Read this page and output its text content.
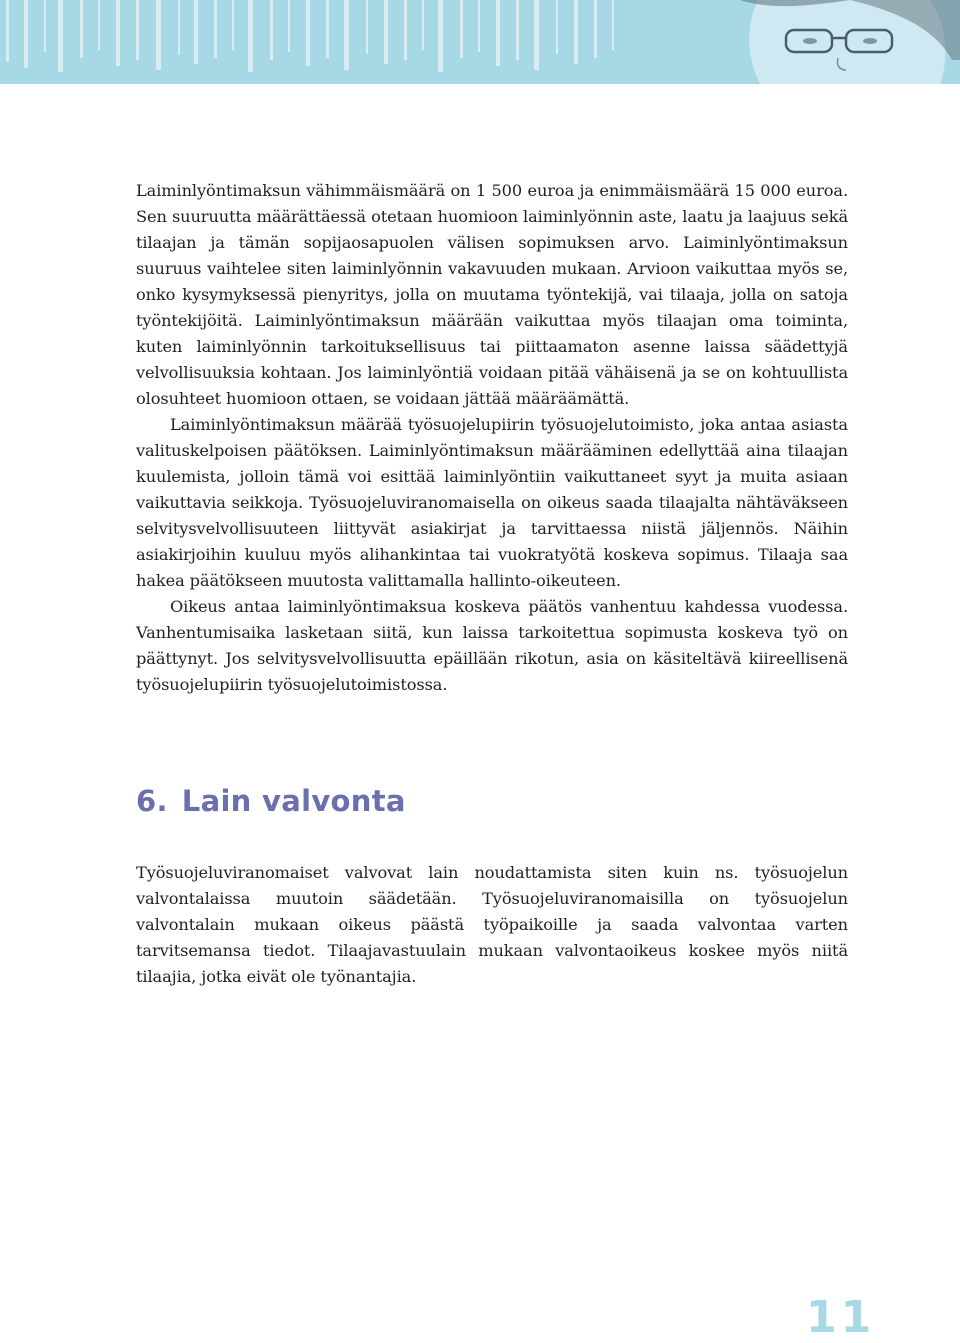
Laiminlyöntimaksun vähimmäismäärä on 1 500 euroa ja enimmäismäärä 15 000 euroa. Sen suuruutta määrättäessä otetaan huomioon laiminlyönnin aste, laatu ja laajuus sekä tilaajan ja tämän sopijaosapuolen välisen sopimuksen arvo. Laiminlyöntimaksun suuruus vaihtelee siten laiminlyönnin vakavuuden mukaan. Arvioon vaikuttaa myös se, onko kysymyksessä pienyritys, jolla on muutama työntekijä, vai tilaaja, jolla on satoja työntekijöitä. Laiminlyöntimaksun määrään vaikuttaa myös tilaajan oma toiminta, kuten laiminlyönnin tarkoituksellisuus tai piittaamaton asenne laissa säädettyjä velvollisuuksia kohtaan. Jos laiminlyöntiä voidaan pitää vähäisenä ja se on kohtuullista olosuhteet huomioon ottaen, se voidaan jättää määräämättä.

Laiminlyöntimaksun määrää työsuojelupiirin työsuojelutoimisto, joka antaa asiasta valituskelpoisen päätöksen. Laiminlyöntimaksun määrääminen edellyttää aina tilaajan kuulemista, jolloin tämä voi esittää laiminlyöntiin vaikuttaneet syyt ja muita asiaan vaikuttavia seikkoja. Työsuojeluviranomaisella on oikeus saada tilaajalta nähtäväkseen selvitysvelvollisuuteen liittyvät asiakirjat ja tarvittaessa niistä jäljennös. Näihin asiakirjoihin kuuluu myös alihankintaa tai vuokratyötä koskeva sopimus. Tilaaja saa hakea päätökseen muutosta valittamalla hallinto-oikeuteen.

Oikeus antaa laiminlyöntimaksua koskeva päätös vanhentuu kahdessa vuodessa. Vanhentumisaika lasketaan siitä, kun laissa tarkoitettua sopimusta koskeva työ on päättynyt. Jos selvitysvelvollisuutta epäillään rikotun, asia on käsiteltävä kiireellisenä työsuojelupiirin työsuojelutoimistossa.

6. Lain valvonta

Työsuojeluviranomaiset valvovat lain noudattamista siten kuin ns. työsuojelun valvontalaissa muutoin säädetään. Työsuojeluviranomaisilla on työsuojelun valvontalain mukaan oikeus päästä työpaikoille ja saada valvontaa varten tarvitsemansa tiedot. Tilaajavastuulain mukaan valvontaoikeus koskee myös niitä tilaajia, jotka eivät ole työnantajia.

11
